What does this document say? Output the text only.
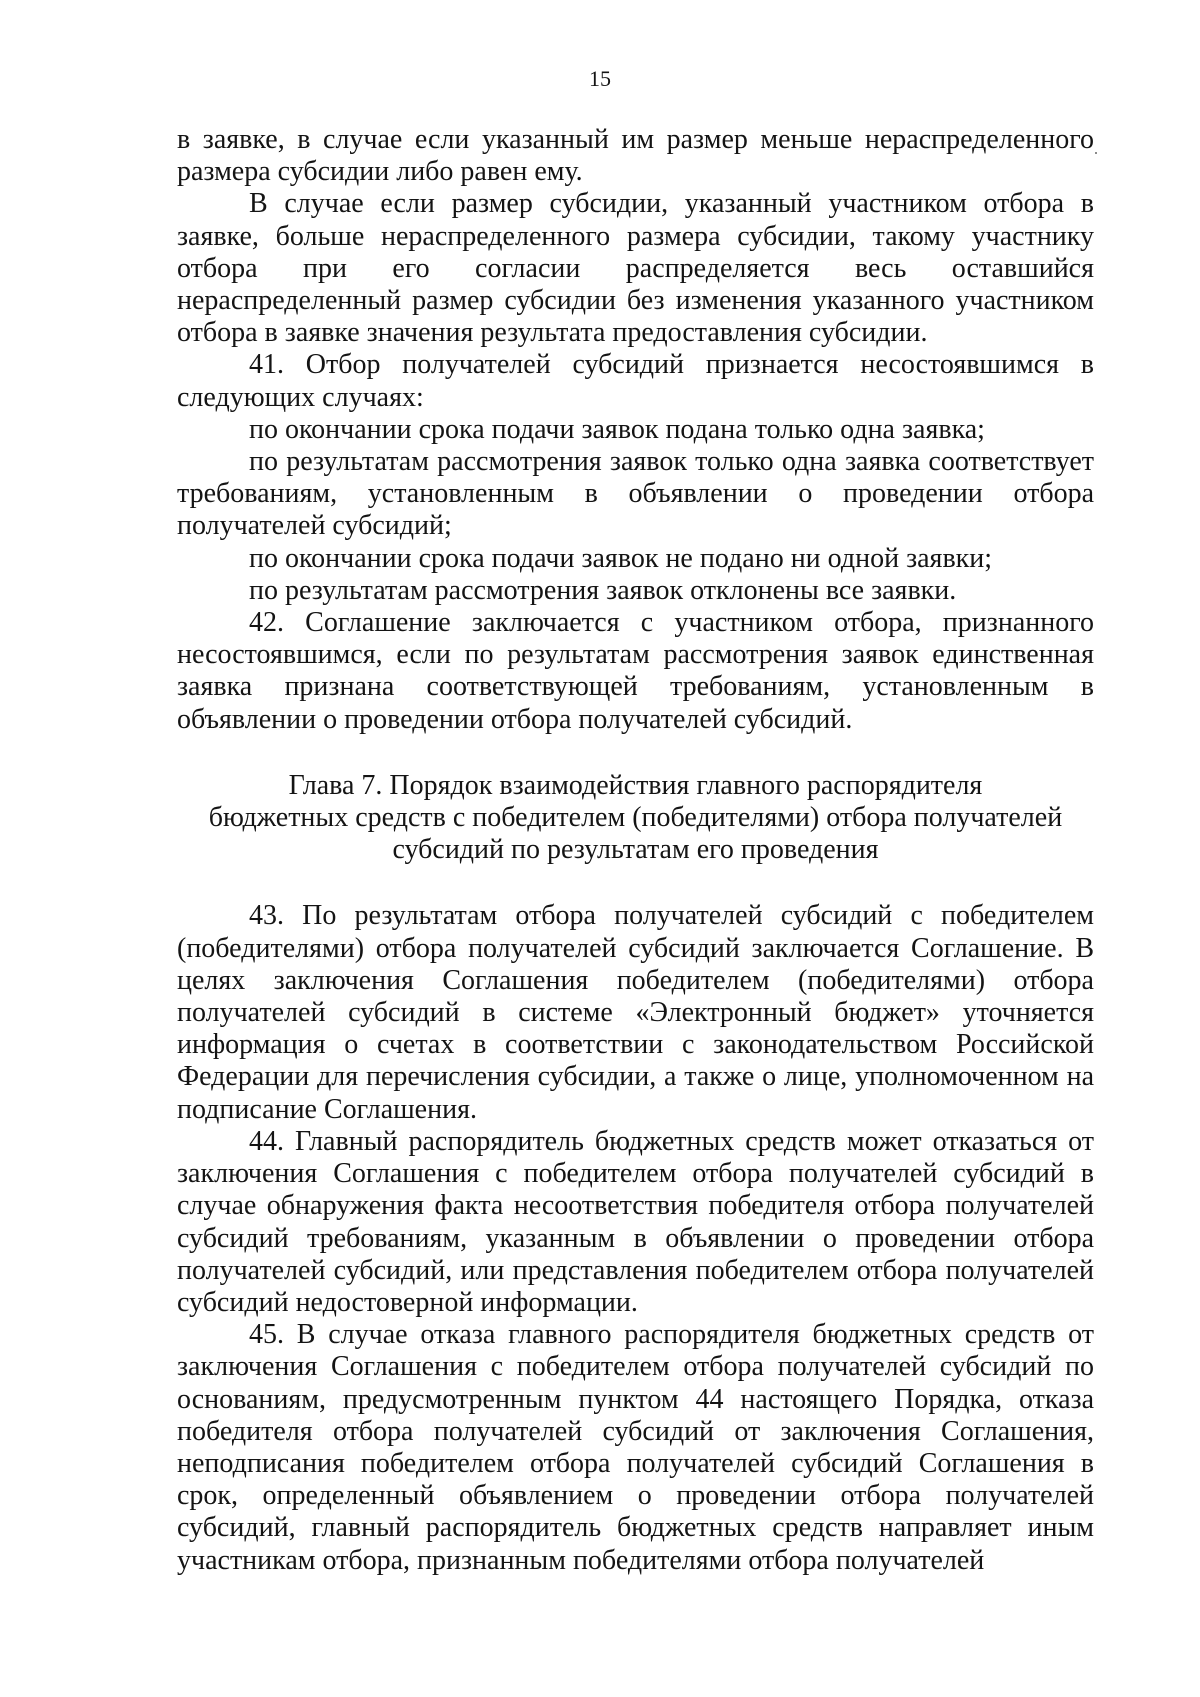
15

в заявке, в случае если указанный им размер меньше нераспределенного размера субсидии либо равен ему.

В случае если размер субсидии, указанный участником отбора в заявке, больше нераспределенного размера субсидии, такому участнику отбора при его согласии распределяется весь оставшийся нераспределенный размер субсидии без изменения указанного участником отбора в заявке значения результата предоставления субсидии.

41. Отбор получателей субсидий признается несостоявшимся в следующих случаях:

по окончании срока подачи заявок подана только одна заявка;

по результатам рассмотрения заявок только одна заявка соответствует требованиям, установленным в объявлении о проведении отбора получателей субсидий;

по окончании срока подачи заявок не подано ни одной заявки;

по результатам рассмотрения заявок отклонены все заявки.

42. Соглашение заключается с участником отбора, признанного несостоявшимся, если по результатам рассмотрения заявок единственная заявка признана соответствующей требованиям, установленным в объявлении о проведении отбора получателей субсидий.

Глава 7. Порядок взаимодействия главного распорядителя
бюджетных средств с победителем (победителями) отбора получателей
субсидий по результатам его проведения

43. По результатам отбора получателей субсидий с победителем (победителями) отбора получателей субсидий заключается Соглашение. В целях заключения Соглашения победителем (победителями) отбора получателей субсидий в системе «Электронный бюджет» уточняется информация о счетах в соответствии с законодательством Российской Федерации для перечисления субсидии, а также о лице, уполномоченном на подписание Соглашения.

44. Главный распорядитель бюджетных средств может отказаться от заключения Соглашения с победителем отбора получателей субсидий в случае обнаружения факта несоответствия победителя отбора получателей субсидий требованиям, указанным в объявлении о проведении отбора получателей субсидий, или представления победителем отбора получателей субсидий недостоверной информации.

45. В случае отказа главного распорядителя бюджетных средств от заключения Соглашения с победителем отбора получателей субсидий по основаниям, предусмотренным пунктом 44 настоящего Порядка, отказа победителя отбора получателей субсидий от заключения Соглашения, неподписания победителем отбора получателей субсидий Соглашения в срок, определенный объявлением о проведении отбора получателей субсидий, главный распорядитель бюджетных средств направляет иным участникам отбора, признанным победителями отбора получателей
